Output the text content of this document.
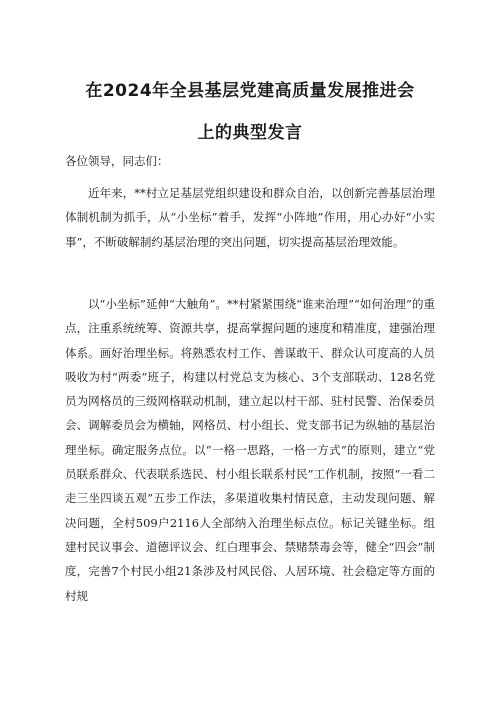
在2024年全县基层党建高质量发展推进会
上的典型发言

各位领导，同志们：

近年来，**村立足基层党组织建设和群众自治，以创新完善基层治理体制机制为抓手，从“小坐标”着手，发挥“小阵地”作用，用心办好“小实事”，不断破解制约基层治理的突出问题，切实提高基层治理效能。

以“小坐标”延伸“大触角”。**村紧紧围绕“谁来治理”“如何治理”的重点，注重系统统筹、资源共享，提高掌握问题的速度和精准度，建强治理体系。画好治理坐标。将熟悉农村工作、善谋敢干、群众认可度高的人员吸收为村“两委”班子，构建以村党总支为核心、3个支部联动、128名党员为网格员的三级网格联动机制，建立起以村干部、驻村民警、治保委员会、调解委员会为横轴，网格员、村小组长、党支部书记为纵轴的基层治理坐标。确定服务点位。以“一格一思路，一格一方式”的原则，建立“党员联系群众、代表联系选民、村小组长联系村民”工作机制，按照“一看二走三坐四谈五观”五步工作法，多渠道收集村情民意，主动发现问题、解决问题，全村509户2116人全部纳入治理坐标点位。标记关键坐标。组建村民议事会、道德评议会、红白理事会、禁赌禁毒会等，健全“四会”制度，完善7个村民小组21条涉及村风民俗、人居环境、社会稳定等方面的村规
